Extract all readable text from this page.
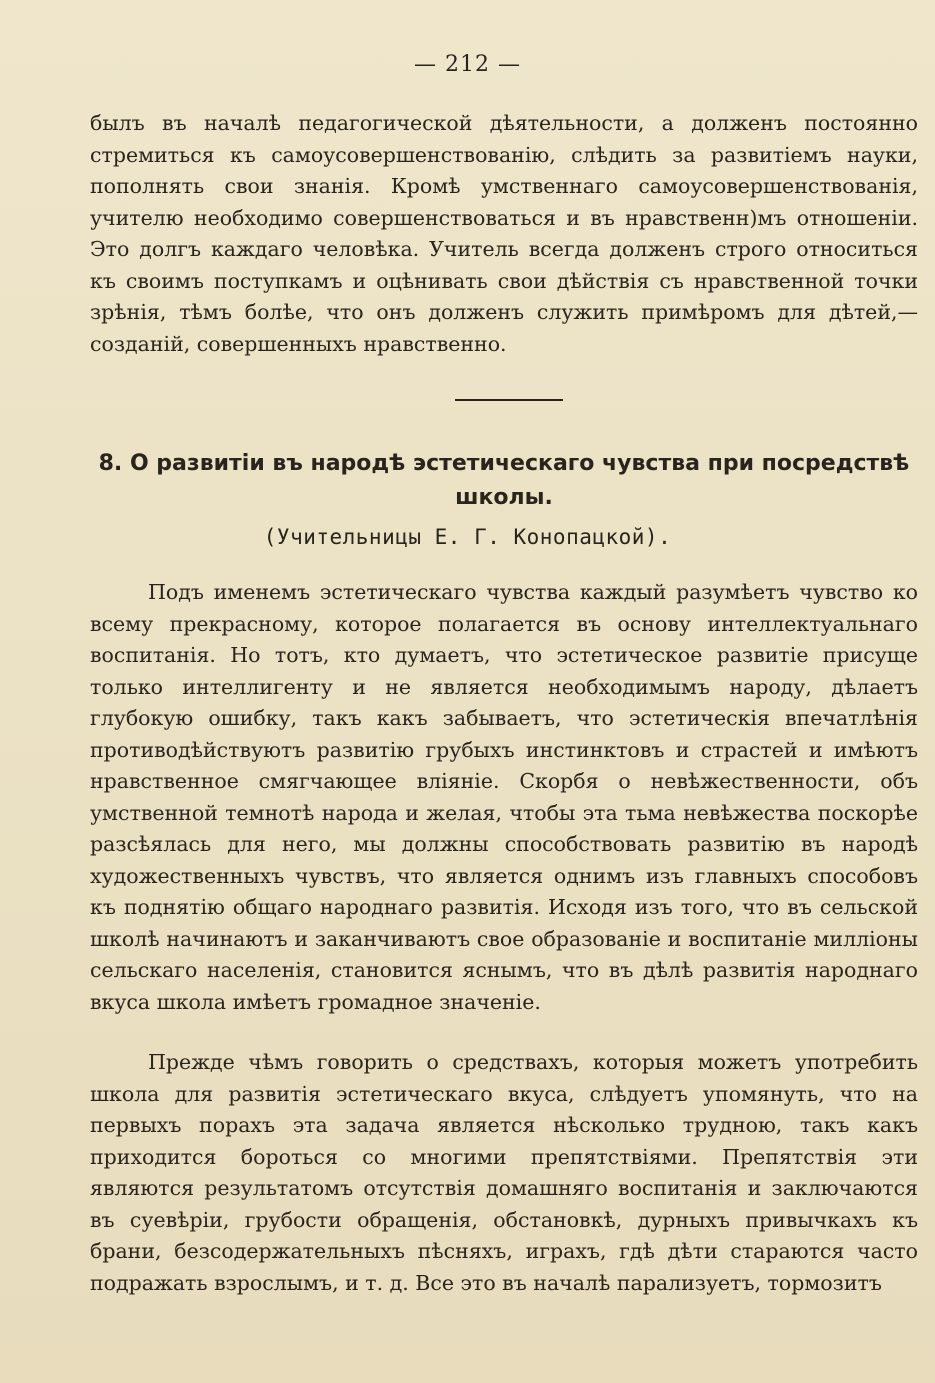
— 212 —

былъ въ началѣ педагогической дѣятельности, а долженъ постоянно стремиться къ самоусовершенствованію, слѣдить за развитіемъ науки, пополнять свои знанія. Кромѣ умственнаго самоусовершенствованія, учителю необходимо совершенствоваться и въ нравственн)мъ отношеніи. Это долгъ каждаго человѣка. Учитель всегда долженъ строго относиться къ своимъ поступкамъ и оцѣнивать свои дѣйствія съ нравственной точки зрѣнія, тѣмъ болѣе, что онъ долженъ служить примѣромъ для дѣтей,— созданій, совершенныхъ нравственно.

8. О развитіи въ народѣ эстетическаго чувства при посредствѣ школы.
(Учительницы Е. Г. Конопацкой).

Подъ именемъ эстетическаго чувства каждый разумѣетъ чувство ко всему прекрасному, которое полагается въ основу интеллектуальнаго воспитанія. Но тотъ, кто думаетъ, что эстетическое развитіе присуще только интеллигенту и не является необходимымъ народу, дѣлаетъ глубокую ошибку, такъ какъ забываетъ, что эстетическія впечатлѣнія противодѣйствуютъ развитію грубыхъ инстинктовъ и страстей и имѣютъ нравственное смягчающее вліяніе. Скорбя о невѣжественности, объ умственной темнотѣ народа и желая, чтобы эта тьма невѣжества поскорѣе разсѣялась для него, мы должны способствовать развитію въ народѣ художественныхъ чувствъ, что является однимъ изъ главныхъ способовъ къ поднятію общаго народнаго развитія. Исходя изъ того, что въ сельской школѣ начинаютъ и заканчиваютъ свое образованіе и воспитаніе милліоны сельскаго населенія, становится яснымъ, что въ дѣлѣ развитія народнаго вкуса школа имѣетъ громадное значеніе.

Прежде чѣмъ говорить о средствахъ, которыя можетъ употребить школа для развитія эстетическаго вкуса, слѣдуетъ упомянуть, что на первыхъ порахъ эта задача является нѣсколько трудною, такъ какъ приходится бороться со многими препятствіями. Препятствія эти являются результатомъ отсутствія домашняго воспитанія и заключаются въ суевѣріи, грубости обращенія, обстановкѣ, дурныхъ привычкахъ къ брани, безсодержательныхъ пѣсняхъ, играхъ, гдѣ дѣти стараются часто подражать взрослымъ, и т. д. Все это въ началѣ парализуетъ, тормозитъ
